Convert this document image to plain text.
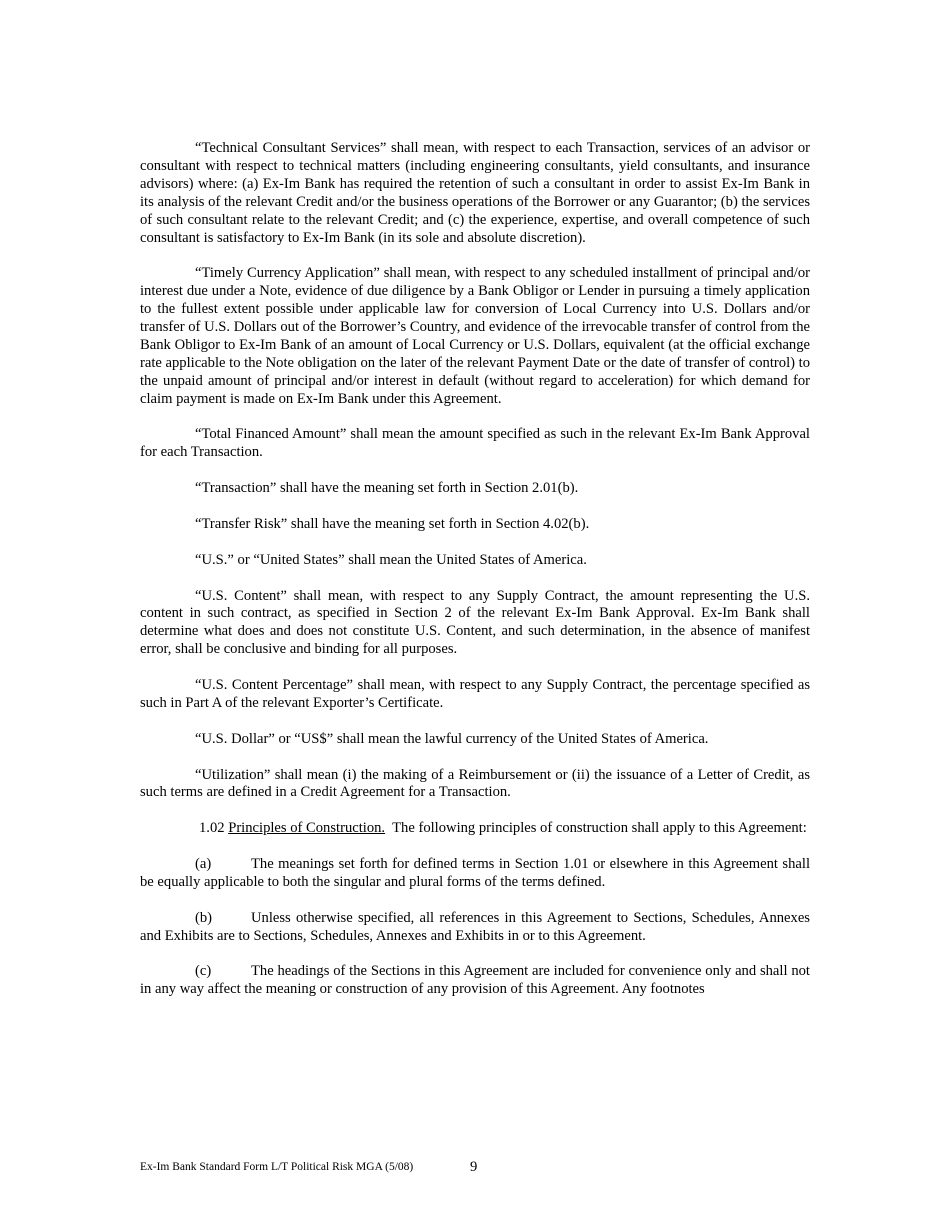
“Technical Consultant Services” shall mean, with respect to each Transaction, services of an advisor or consultant with respect to technical matters (including engineering consultants, yield consultants, and insurance advisors) where: (a) Ex-Im Bank has required the retention of such a consultant in order to assist Ex-Im Bank in its analysis of the relevant Credit and/or the business operations of the Borrower or any Guarantor; (b) the services of such consultant relate to the relevant Credit; and (c) the experience, expertise, and overall competence of such consultant is satisfactory to Ex-Im Bank (in its sole and absolute discretion).

“Timely Currency Application” shall mean, with respect to any scheduled installment of principal and/or interest due under a Note, evidence of due diligence by a Bank Obligor or Lender in pursuing a timely application to the fullest extent possible under applicable law for conversion of Local Currency into U.S. Dollars and/or transfer of U.S. Dollars out of the Borrower’s Country, and evidence of the irrevocable transfer of control from the Bank Obligor to Ex-Im Bank of an amount of Local Currency or U.S. Dollars, equivalent (at the official exchange rate applicable to the Note obligation on the later of the relevant Payment Date or the date of transfer of control) to the unpaid amount of principal and/or interest in default (without regard to acceleration) for which demand for claim payment is made on Ex-Im Bank under this Agreement.

“Total Financed Amount” shall mean the amount specified as such in the relevant Ex-Im Bank Approval for each Transaction.

“Transaction” shall have the meaning set forth in Section 2.01(b).

“Transfer Risk” shall have the meaning set forth in Section 4.02(b).

“U.S.” or “United States” shall mean the United States of America.

“U.S. Content” shall mean, with respect to any Supply Contract, the amount representing the U.S. content in such contract, as specified in Section 2 of the relevant Ex-Im Bank Approval. Ex-Im Bank shall determine what does and does not constitute U.S. Content, and such determination, in the absence of manifest error, shall be conclusive and binding for all purposes.

“U.S. Content Percentage” shall mean, with respect to any Supply Contract, the percentage specified as such in Part A of the relevant Exporter’s Certificate.

“U.S. Dollar” or “US$” shall mean the lawful currency of the United States of America.

“Utilization” shall mean (i) the making of a Reimbursement or (ii) the issuance of a Letter of Credit, as such terms are defined in a Credit Agreement for a Transaction.

1.02 Principles of Construction. The following principles of construction shall apply to this Agreement:

(a)	The meanings set forth for defined terms in Section 1.01 or elsewhere in this Agreement shall be equally applicable to both the singular and plural forms of the terms defined.

(b)	Unless otherwise specified, all references in this Agreement to Sections, Schedules, Annexes and Exhibits are to Sections, Schedules, Annexes and Exhibits in or to this Agreement.

(c)	The headings of the Sections in this Agreement are included for convenience only and shall not in any way affect the meaning or construction of any provision of this Agreement. Any footnotes

Ex-Im Bank Standard Form L/T Political Risk MGA (5/08)	9
